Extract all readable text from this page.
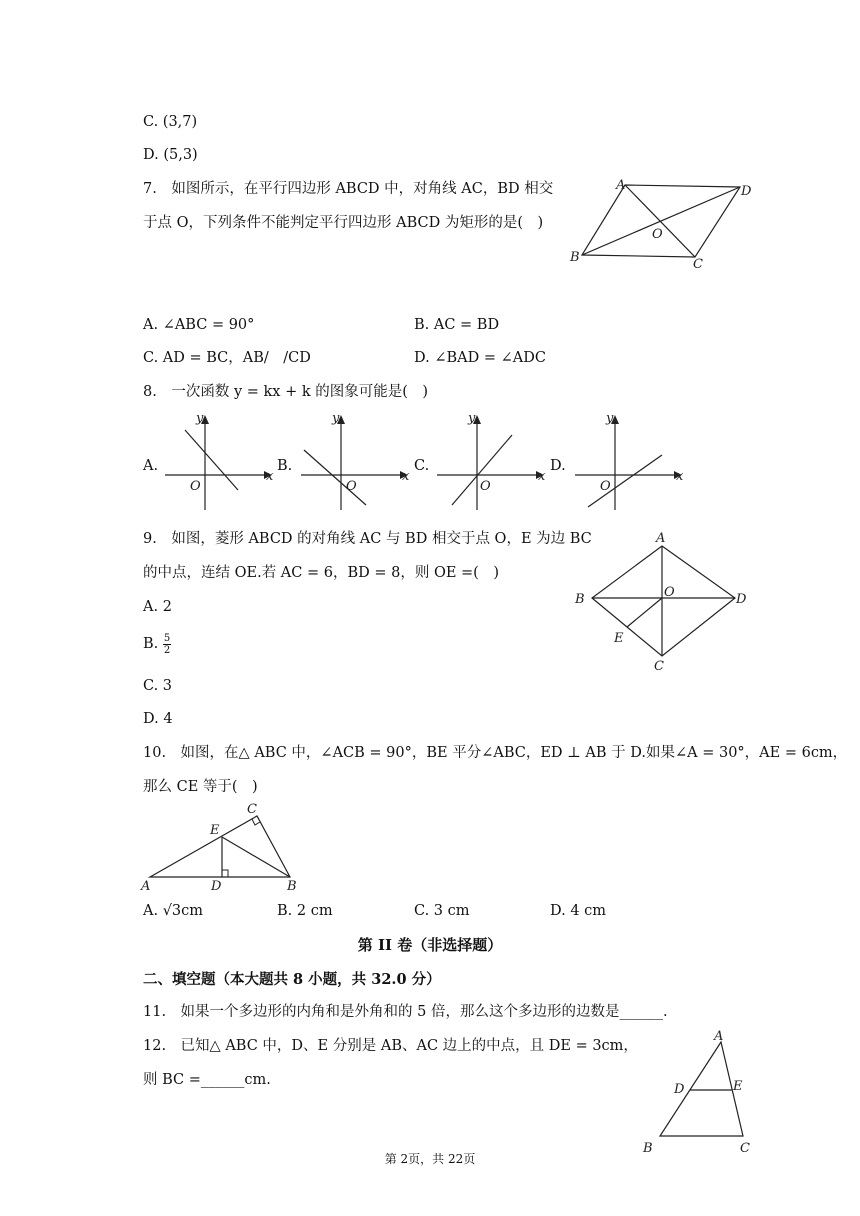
C. (3,7)
D. (5,3)
7.　如图所示，在平行四边形 ABCD 中，对角线 AC，BD 相交
于点 O，下列条件不能判定平行四边形 ABCD 为矩形的是(　)
A	D
B	C
O
A. ∠ABC = 90°	B. AC = BD
C. AD = BC，AB/　/CD	D. ∠BAD = ∠ADC
8.　一次函数 y = kx + k 的图象可能是(　)
A.
y
x
O
B.
y
x
O
C.
y
x
O
D.
y
x
O
9.　如图，菱形 ABCD 的对角线 AC 与 BD 相交于点 O，E 为边 BC
的中点，连结 OE.若 AC = 6，BD = 8，则 OE =(　)
A. 2
B. $\frac{5}{2}$
C. 3
D. 4
A
B	D
C
O
E
10.　如图，在△ ABC 中，∠ACB = 90°，BE 平分∠ABC，ED ⊥ AB 于 D.如果∠A = 30°，AE = 6cm，
那么 CE 等于(　)
A	B
C
D
E
A. √3cm	B. 2 cm	C. 3 cm	D. 4 cm
第 II 卷（非选择题）
二、填空题（本大题共 8 小题，共 32.0 分）
11.　如果一个多边形的内角和是外角和的 5 倍，那么这个多边形的边数是______.
12.　已知△ ABC 中，D、E 分别是 AB、AC 边上的中点，且 DE = 3cm，
则 BC =______cm.
A
D	E
B	C
第 2页，共 22页
